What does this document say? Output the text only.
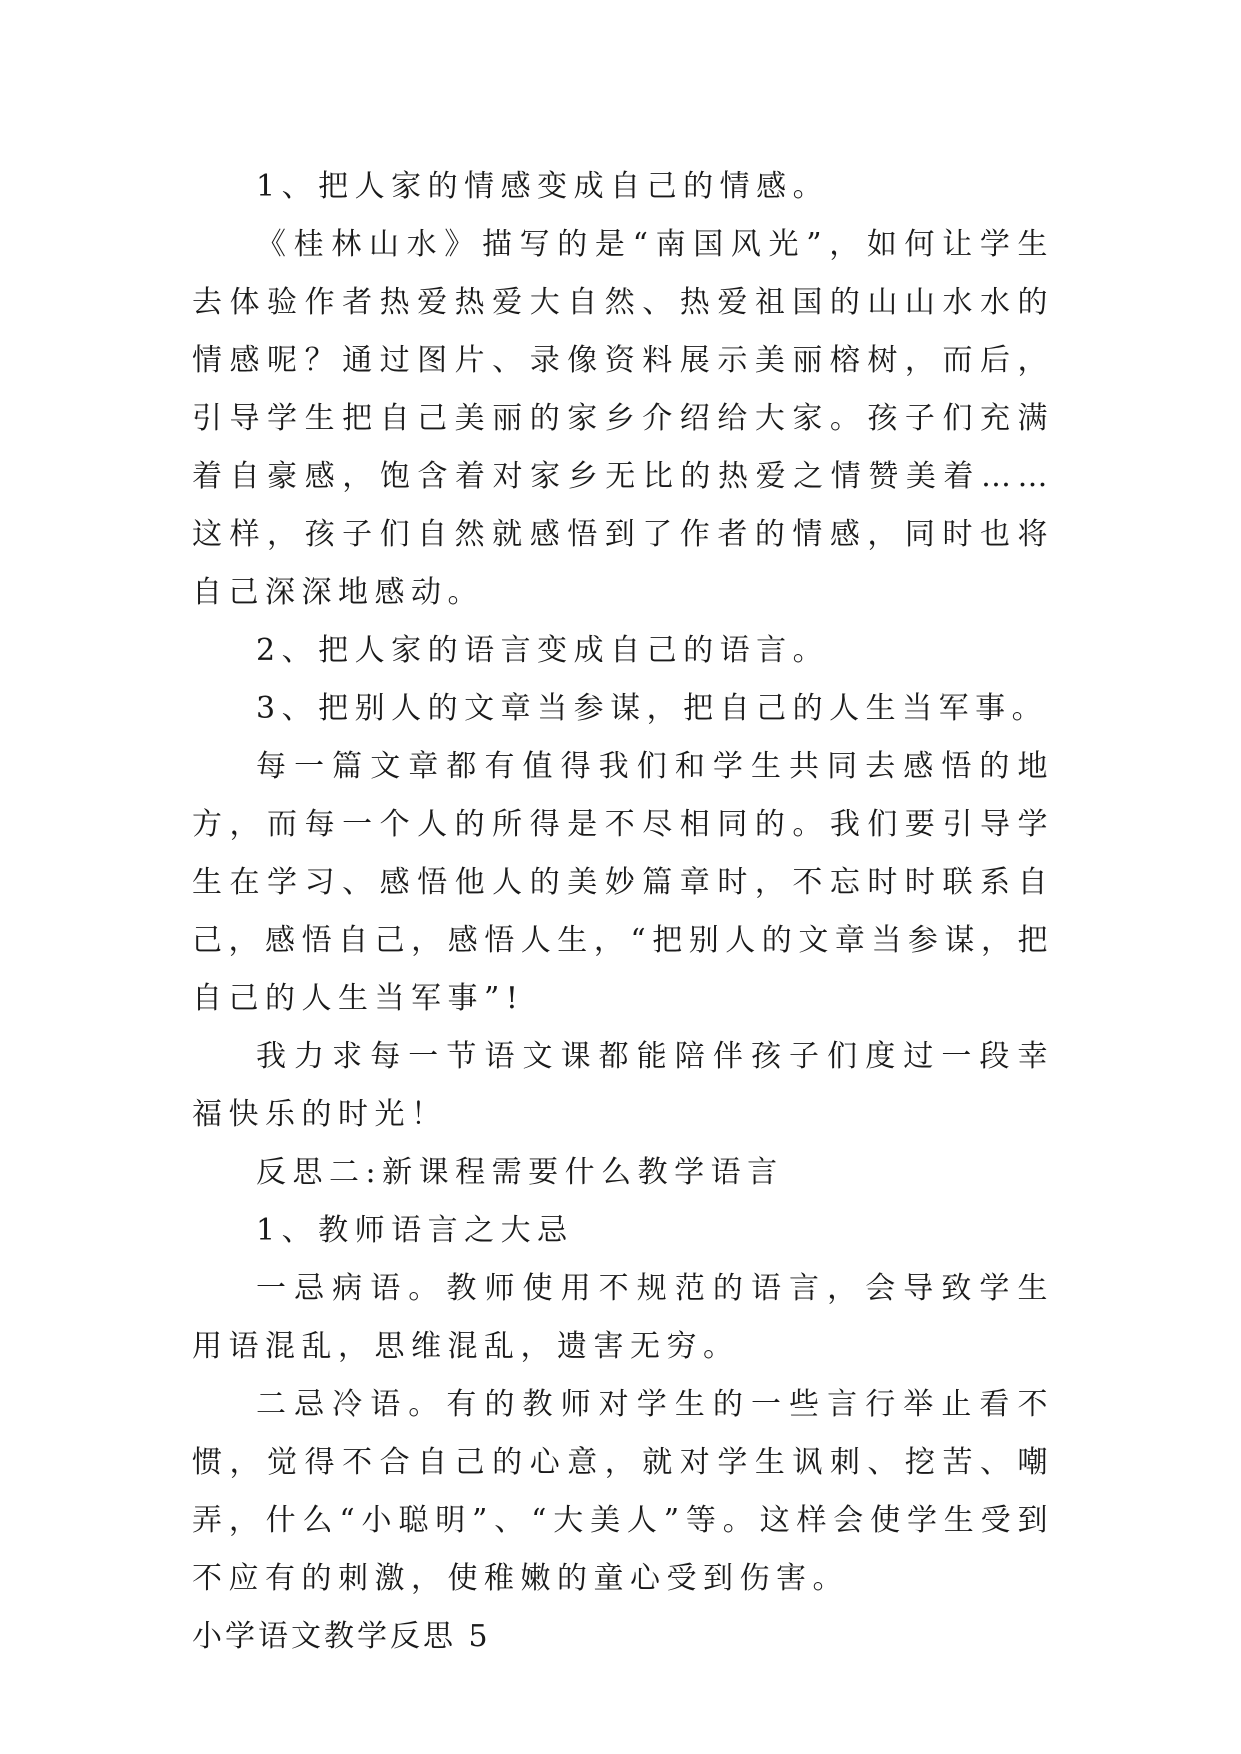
1、把人家的情感变成自己的情感。

《桂林山水》描写的是“南国风光”，如何让学生去体验作者热爱热爱大自然、热爱祖国的山山水水的情感呢？通过图片、录像资料展示美丽榕树，而后，引导学生把自己美丽的家乡介绍给大家。孩子们充满着自豪感，饱含着对家乡无比的热爱之情赞美着……这样，孩子们自然就感悟到了作者的情感，同时也将自己深深地感动。

2、把人家的语言变成自己的语言。

3、把别人的文章当参谋，把自己的人生当军事。

每一篇文章都有值得我们和学生共同去感悟的地方，而每一个人的所得是不尽相同的。我们要引导学生在学习、感悟他人的美妙篇章时，不忘时时联系自己，感悟自己，感悟人生，“把别人的文章当参谋，把自己的人生当军事”!

我力求每一节语文课都能陪伴孩子们度过一段幸福快乐的时光！

反思二:新课程需要什么教学语言

1、教师语言之大忌

一忌病语。教师使用不规范的语言，会导致学生用语混乱，思维混乱，遗害无穷。

二忌冷语。有的教师对学生的一些言行举止看不惯，觉得不合自己的心意，就对学生讽刺、挖苦、嘲弄，什么“小聪明”、“大美人”等。这样会使学生受到不应有的刺激，使稚嫩的童心受到伤害。

小学语文教学反思 5
